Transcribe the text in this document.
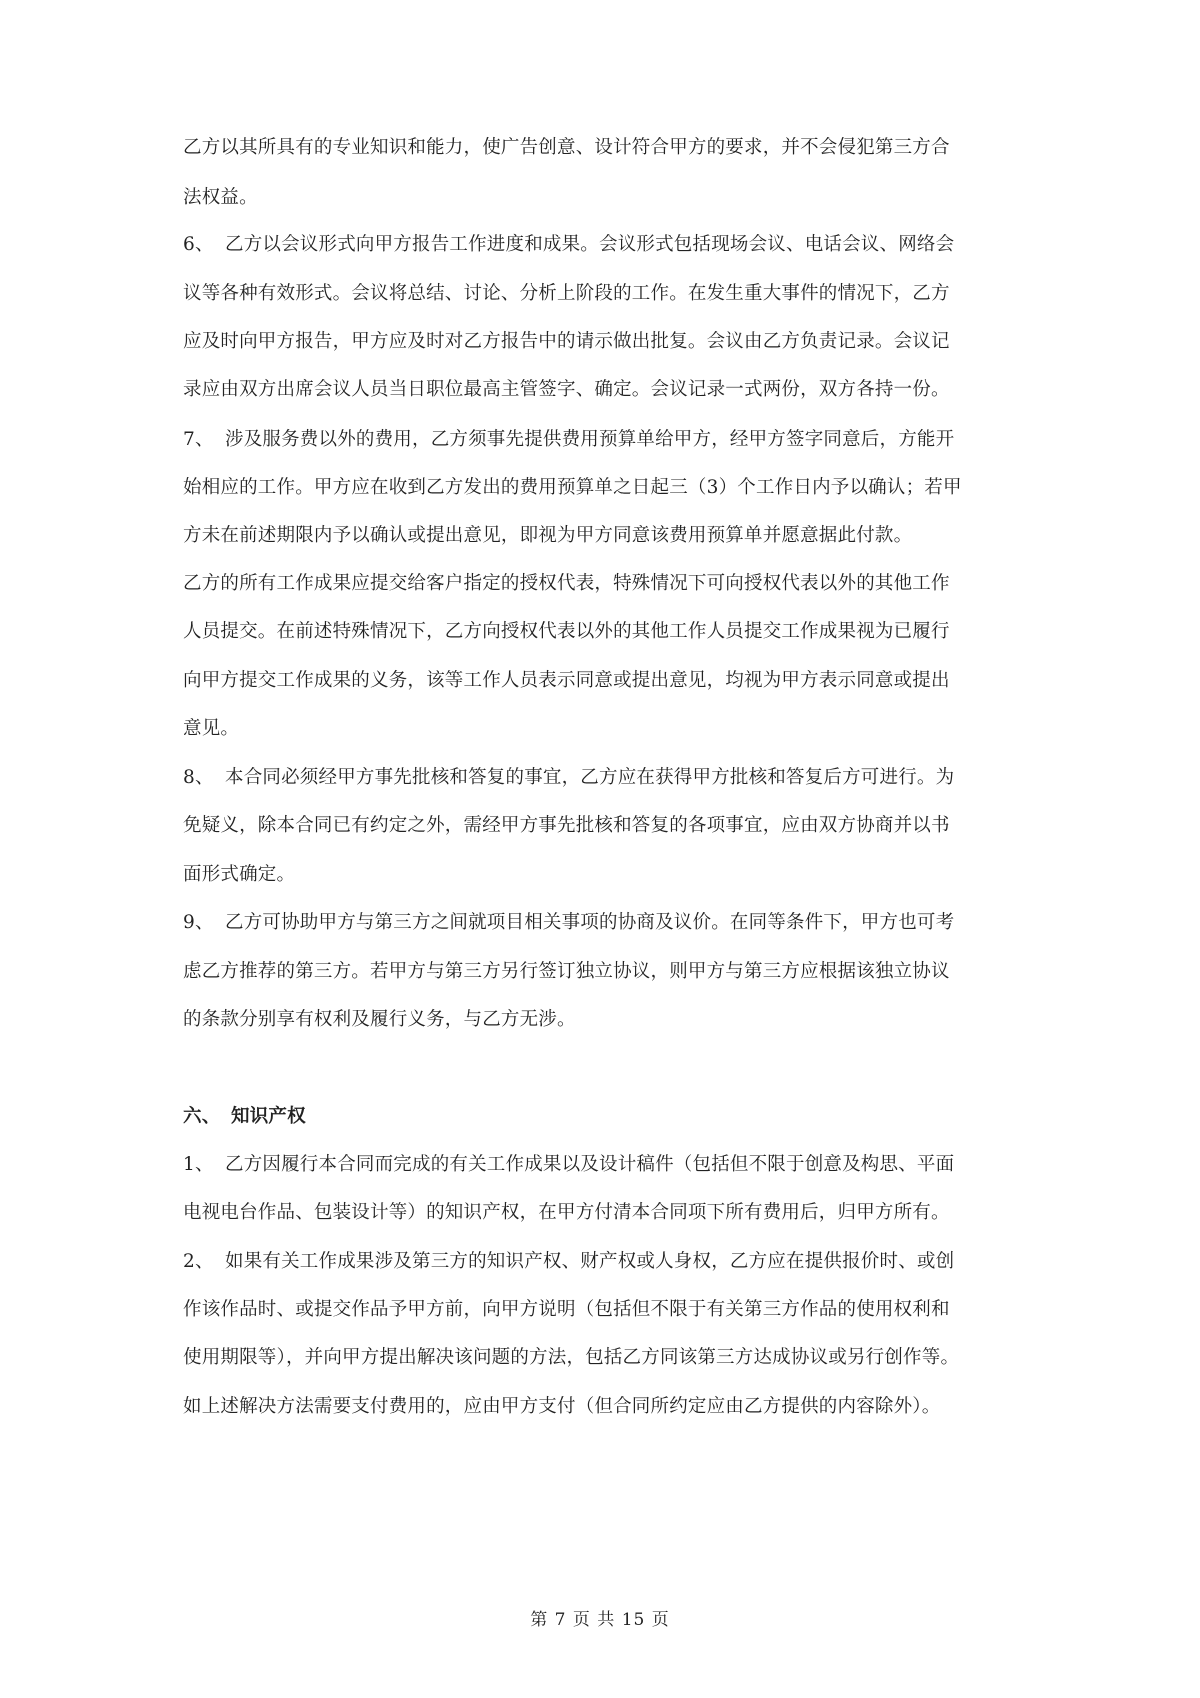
乙方以其所具有的专业知识和能力，使广告创意、设计符合甲方的要求，并不会侵犯第三方合
法权益。
6、 乙方以会议形式向甲方报告工作进度和成果。会议形式包括现场会议、电话会议、网络会
议等各种有效形式。会议将总结、讨论、分析上阶段的工作。在发生重大事件的情况下，乙方
应及时向甲方报告，甲方应及时对乙方报告中的请示做出批复。会议由乙方负责记录。会议记
录应由双方出席会议人员当日职位最高主管签字、确定。会议记录一式两份，双方各持一份。
7、 涉及服务费以外的费用，乙方须事先提供费用预算单给甲方，经甲方签字同意后，方能开
始相应的工作。甲方应在收到乙方发出的费用预算单之日起三（3）个工作日内予以确认；若甲
方未在前述期限内予以确认或提出意见，即视为甲方同意该费用预算单并愿意据此付款。
乙方的所有工作成果应提交给客户指定的授权代表，特殊情况下可向授权代表以外的其他工作
人员提交。在前述特殊情况下，乙方向授权代表以外的其他工作人员提交工作成果视为已履行
向甲方提交工作成果的义务，该等工作人员表示同意或提出意见，均视为甲方表示同意或提出
意见。
8、 本合同必须经甲方事先批核和答复的事宜，乙方应在获得甲方批核和答复后方可进行。为
免疑义，除本合同已有约定之外，需经甲方事先批核和答复的各项事宜，应由双方协商并以书
面形式确定。
9、 乙方可协助甲方与第三方之间就项目相关事项的协商及议价。在同等条件下，甲方也可考
虑乙方推荐的第三方。若甲方与第三方另行签订独立协议，则甲方与第三方应根据该独立协议
的条款分别享有权利及履行义务，与乙方无涉。
六、 知识产权
1、 乙方因履行本合同而完成的有关工作成果以及设计稿件（包括但不限于创意及构思、平面
电视电台作品、包装设计等）的知识产权，在甲方付清本合同项下所有费用后，归甲方所有。
2、 如果有关工作成果涉及第三方的知识产权、财产权或人身权，乙方应在提供报价时、或创
作该作品时、或提交作品予甲方前，向甲方说明（包括但不限于有关第三方作品的使用权利和
使用期限等），并向甲方提出解决该问题的方法，包括乙方同该第三方达成协议或另行创作等。
如上述解决方法需要支付费用的，应由甲方支付（但合同所约定应由乙方提供的内容除外）。
第 7 页 共 15 页
